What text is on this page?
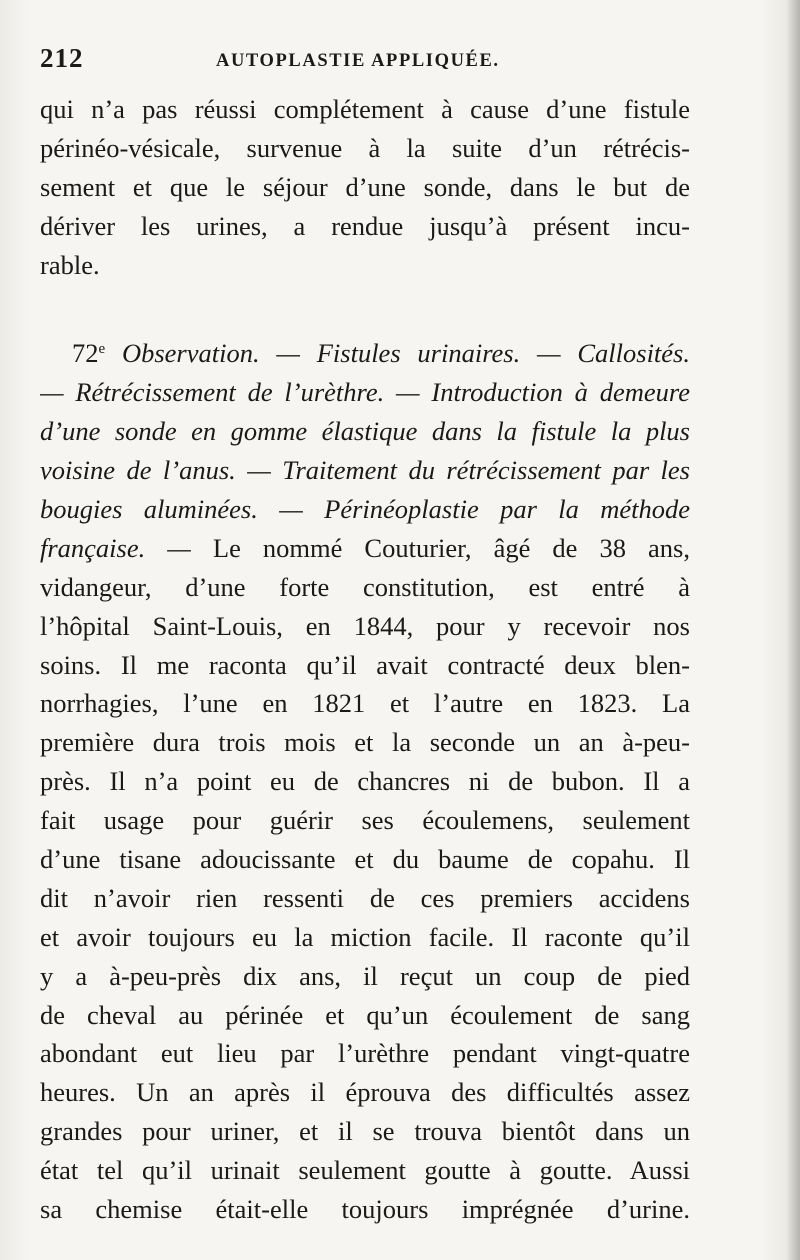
212	AUTOPLASTIE APPLIQUÉE.
qui n’a pas réussi complétement à cause d’une fistule
périnéo-vésicale, survenue à la suite d’un rétrécis-
sement et que le séjour d’une sonde, dans le but de
dériver les urines, a rendue jusqu’à présent incu-
rable.
72e Observation. — Fistules urinaires. — Callosités.
— Rétrécissement de l’urèthre. — Introduction à demeure
d’une sonde en gomme élastique dans la fistule la plus
voisine de l’anus. — Traitement du rétrécissement par les
bougies aluminées. — Périnéoplastie par la méthode
française. — Le nommé Couturier, âgé de 38 ans,
vidangeur, d’une forte constitution, est entré à
l’hôpital Saint-Louis, en 1844, pour y recevoir nos
soins. Il me raconta qu’il avait contracté deux blen-
norrhagies, l’une en 1821 et l’autre en 1823. La
première dura trois mois et la seconde un an à-peu-
près. Il n’a point eu de chancres ni de bubon. Il a
fait usage pour guérir ses écoulemens, seulement
d’une tisane adoucissante et du baume de copahu. Il
dit n’avoir rien ressenti de ces premiers accidens
et avoir toujours eu la miction facile. Il raconte qu’il
y a à-peu-près dix ans, il reçut un coup de pied
de cheval au périnée et qu’un écoulement de sang
abondant eut lieu par l’urèthre pendant vingt-quatre
heures. Un an après il éprouva des difficultés assez
grandes pour uriner, et il se trouva bientôt dans un
état tel qu’il urinait seulement goutte à goutte. Aussi
sa chemise était-elle toujours imprégnée d’urine.
